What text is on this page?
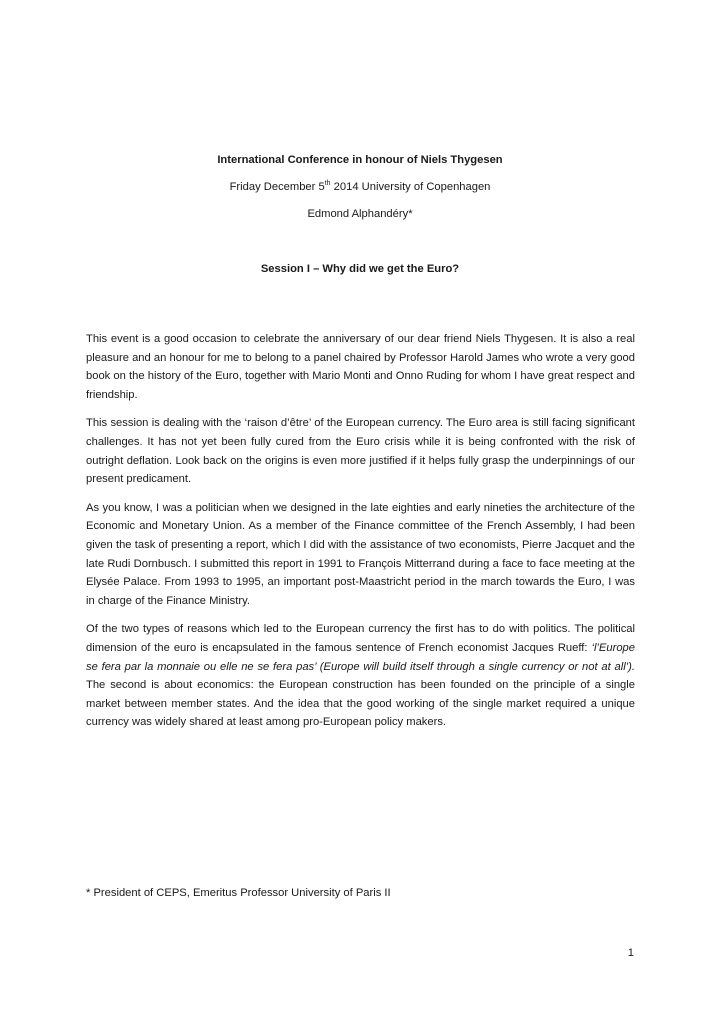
International Conference in honour of Niels Thygesen
Friday December 5th 2014 University of Copenhagen
Edmond Alphandéry*
Session I – Why did we get the Euro?

This event is a good occasion to celebrate the anniversary of our dear friend Niels Thygesen. It is also a real pleasure and an honour for me to belong to a panel chaired by Professor Harold James who wrote a very good book on the history of the Euro, together with Mario Monti and Onno Ruding for whom I have great respect and friendship.

This session is dealing with the ‘raison d’être’ of the European currency. The Euro area is still facing significant challenges. It has not yet been fully cured from the Euro crisis while it is being confronted with the risk of outright deflation. Look back on the origins is even more justified if it helps fully grasp the underpinnings of our present predicament.

As you know, I was a politician when we designed in the late eighties and early nineties the architecture of the Economic and Monetary Union. As a member of the Finance committee of the French Assembly, I had been given the task of presenting a report, which I did with the assistance of two economists, Pierre Jacquet and the late Rudi Dornbusch. I submitted this report in 1991 to François Mitterrand during a face to face meeting at the Elysée Palace. From 1993 to 1995, an important post-Maastricht period in the march towards the Euro, I was in charge of the Finance Ministry.

Of the two types of reasons which led to the European currency the first has to do with politics. The political dimension of the euro is encapsulated in the famous sentence of French economist Jacques Rueff: ‘l’Europe se fera par la monnaie ou elle ne se fera pas’ (Europe will build itself through a single currency or not at all’). The second is about economics: the European construction has been founded on the principle of a single market between member states. And the idea that the good working of the single market required a unique currency was widely shared at least among pro-European policy makers.

* President of CEPS, Emeritus Professor University of Paris II
1
